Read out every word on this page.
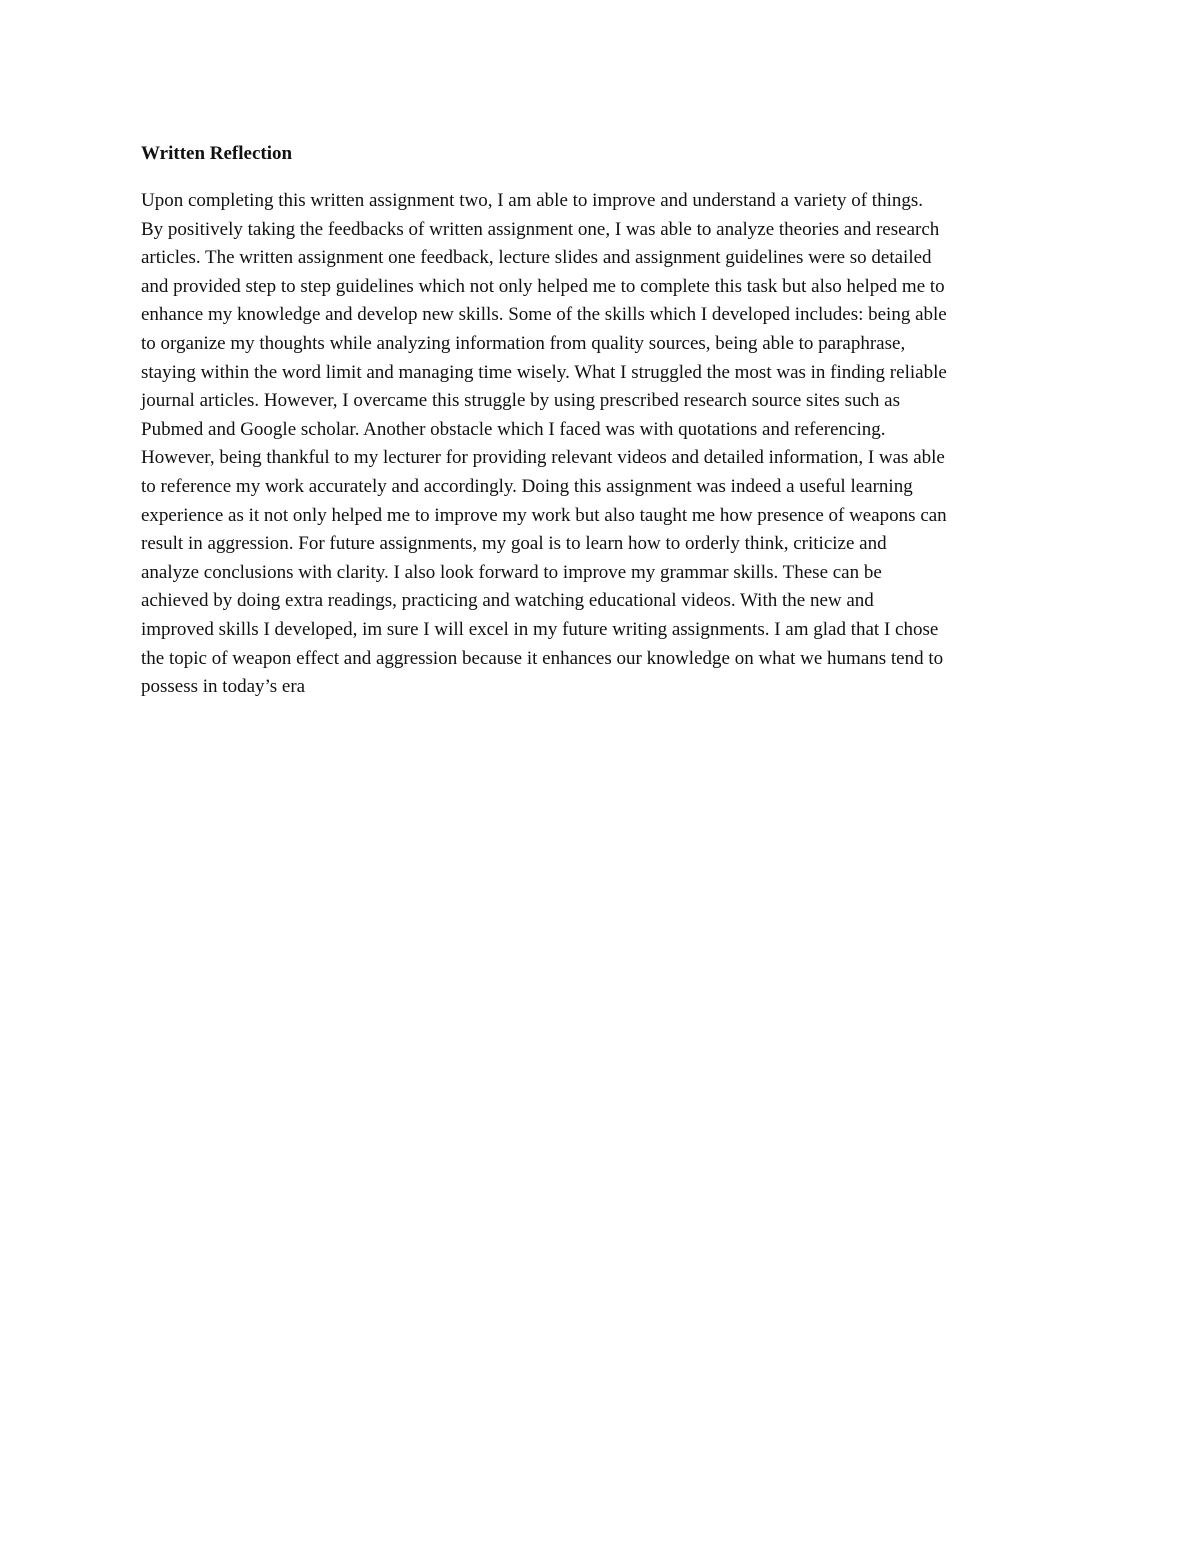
Written Reflection

Upon completing this written assignment two, I am able to improve and understand a variety of things.
By positively taking the feedbacks of written assignment one, I was able to analyze theories and research
articles. The written assignment one feedback, lecture slides and assignment guidelines were so detailed
and provided step to step guidelines which not only helped me to complete this task but also helped me to
enhance my knowledge and develop new skills. Some of the skills which I developed includes: being able
to organize my thoughts while analyzing information from quality sources, being able to paraphrase,
staying within the word limit and managing time wisely. What I struggled the most was in finding reliable
journal articles. However, I overcame this struggle by using prescribed research source sites such as
Pubmed and Google scholar. Another obstacle which I faced was with quotations and referencing.
However, being thankful to my lecturer for providing relevant videos and detailed information, I was able
to reference my work accurately and accordingly. Doing this assignment was indeed a useful learning
experience as it not only helped me to improve my work but also taught me how presence of weapons can
result in aggression. For future assignments, my goal is to learn how to orderly think, criticize and
analyze conclusions with clarity. I also look forward to improve my grammar skills. These can be
achieved by doing extra readings, practicing and watching educational videos. With the new and
improved skills I developed, im sure I will excel in my future writing assignments. I am glad that I chose
the topic of weapon effect and aggression because it enhances our knowledge on what we humans tend to
possess in today’s era
